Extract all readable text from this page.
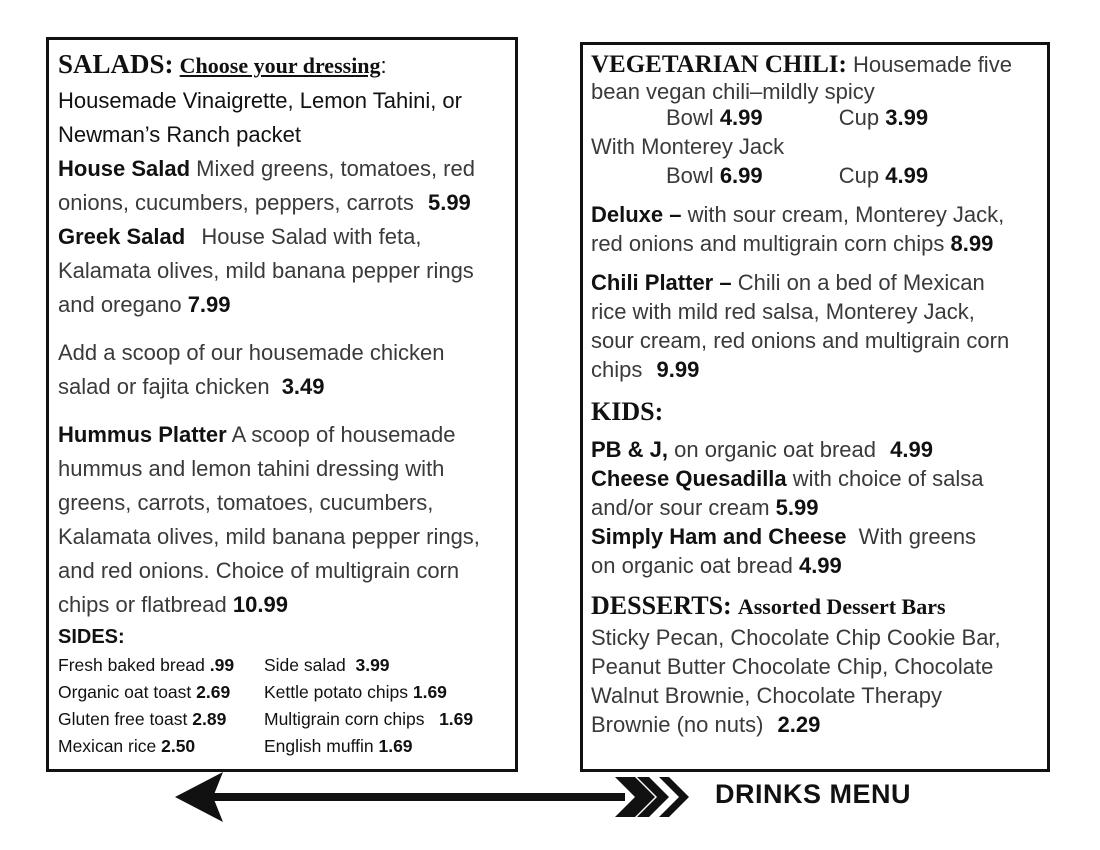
SALADS: Choose your dressing:
Housemade Vinaigrette, Lemon Tahini, or
Newman’s Ranch packet
House Salad Mixed greens, tomatoes, red
onions, cucumbers, peppers, carrots 5.99
Greek Salad House Salad with feta,
Kalamata olives, mild banana pepper rings
and oregano 7.99
Add a scoop of our housemade chicken
salad or fajita chicken 3.49
Hummus Platter A scoop of housemade
hummus and lemon tahini dressing with
greens, carrots, tomatoes, cucumbers,
Kalamata olives, mild banana pepper rings,
and red onions. Choice of multigrain corn
chips or flatbread 10.99
SIDES:
Fresh baked bread .99	Side salad 3.99
Organic oat toast 2.69	Kettle potato chips 1.69
Gluten free toast 2.89	Multigrain corn chips 1.69
Mexican rice 2.50	English muffin 1.69
VEGETARIAN CHILI: Housemade five
bean vegan chili–mildly spicy
Bowl 4.99	Cup 3.99
With Monterey Jack
Bowl 6.99	Cup 4.99
Deluxe – with sour cream, Monterey Jack,
red onions and multigrain corn chips 8.99
Chili Platter – Chili on a bed of Mexican
rice with mild red salsa, Monterey Jack,
sour cream, red onions and multigrain corn
chips 9.99
KIDS:
PB & J, on organic oat bread 4.99
Cheese Quesadilla with choice of salsa
and/or sour cream 5.99
Simply Ham and Cheese With greens
on organic oat bread 4.99
DESSERTS: Assorted Dessert Bars
Sticky Pecan, Chocolate Chip Cookie Bar,
Peanut Butter Chocolate Chip, Chocolate
Walnut Brownie, Chocolate Therapy
Brownie (no nuts) 2.29
DRINKS MENU
